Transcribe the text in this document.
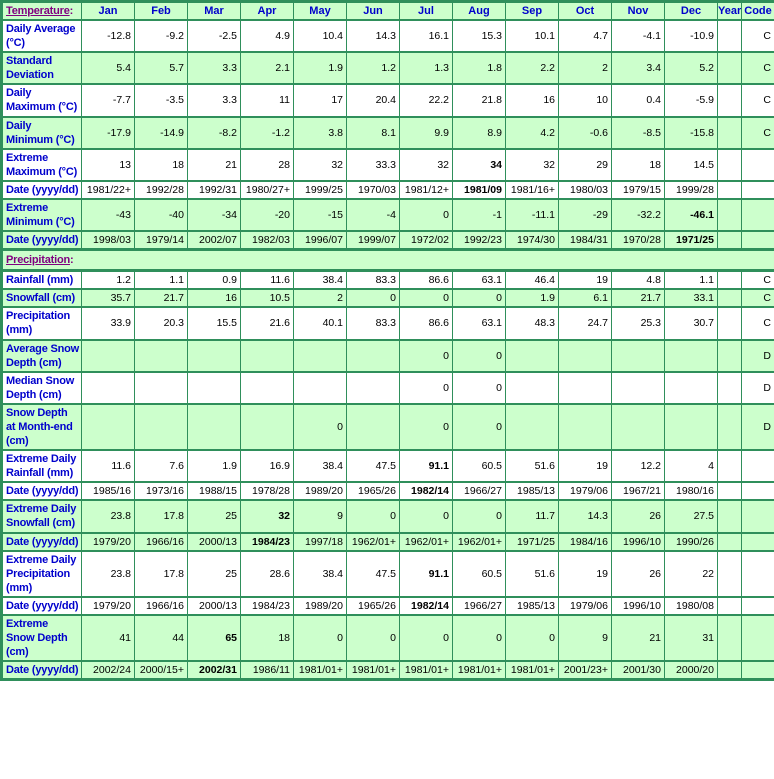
Temperature:	Jan	Feb	Mar	Apr	May	Jun	Jul	Aug	Sep	Oct	Nov	Dec	Year	Code
Daily Average (°C)	-12.8	-9.2	-2.5	4.9	10.4	14.3	16.1	15.3	10.1	4.7	-4.1	-10.9		C
Standard Deviation	5.4	5.7	3.3	2.1	1.9	1.2	1.3	1.8	2.2	2	3.4	5.2		C
Daily Maximum (°C)	-7.7	-3.5	3.3	11	17	20.4	22.2	21.8	16	10	0.4	-5.9		C
Daily Minimum (°C)	-17.9	-14.9	-8.2	-1.2	3.8	8.1	9.9	8.9	4.2	-0.6	-8.5	-15.8		C
Extreme Maximum (°C)	13	18	21	28	32	33.3	32	34	32	29	18	14.5		
Date (yyyy/dd)	1981/22+	1992/28	1992/31	1980/27+	1999/25	1970/03	1981/12+	1981/09	1981/16+	1980/03	1979/15	1999/28		
Extreme Minimum (°C)	-43	-40	-34	-20	-15	-4	0	-1	-11.1	-29	-32.2	-46.1		
Date (yyyy/dd)	1998/03	1979/14	2002/07	1982/03	1996/07	1999/07	1972/02	1992/23	1974/30	1984/31	1970/28	1971/25		
Precipitation:														
Rainfall (mm)	1.2	1.1	0.9	11.6	38.4	83.3	86.6	63.1	46.4	19	4.8	1.1		C
Snowfall (cm)	35.7	21.7	16	10.5	2	0	0	0	1.9	6.1	21.7	33.1		C
Precipitation (mm)	33.9	20.3	15.5	21.6	40.1	83.3	86.6	63.1	48.3	24.7	25.3	30.7		C
Average Snow Depth (cm)							0	0						D
Median Snow Depth (cm)							0	0						D
Snow Depth at Month-end (cm)					0		0	0						D
Extreme Daily Rainfall (mm)	11.6	7.6	1.9	16.9	38.4	47.5	91.1	60.5	51.6	19	12.2	4		
Date (yyyy/dd)	1985/16	1973/16	1988/15	1978/28	1989/20	1965/26	1982/14	1966/27	1985/13	1979/06	1967/21	1980/16		
Extreme Daily Snowfall (cm)	23.8	17.8	25	32	9	0	0	0	11.7	14.3	26	27.5		
Date (yyyy/dd)	1979/20	1966/16	2000/13	1984/23	1997/18	1962/01+	1962/01+	1962/01+	1971/25	1984/16	1996/10	1990/26		
Extreme Daily Precipitation (mm)	23.8	17.8	25	28.6	38.4	47.5	91.1	60.5	51.6	19	26	22		
Date (yyyy/dd)	1979/20	1966/16	2000/13	1984/23	1989/20	1965/26	1982/14	1966/27	1985/13	1979/06	1996/10	1980/08		
Extreme Snow Depth (cm)	41	44	65	18	0	0	0	0	0	9	21	31		
Date (yyyy/dd)	2002/24	2000/15+	2002/31	1986/11	1981/01+	1981/01+	1981/01+	1981/01+	1981/01+	2001/23+	2001/30	2000/20		
